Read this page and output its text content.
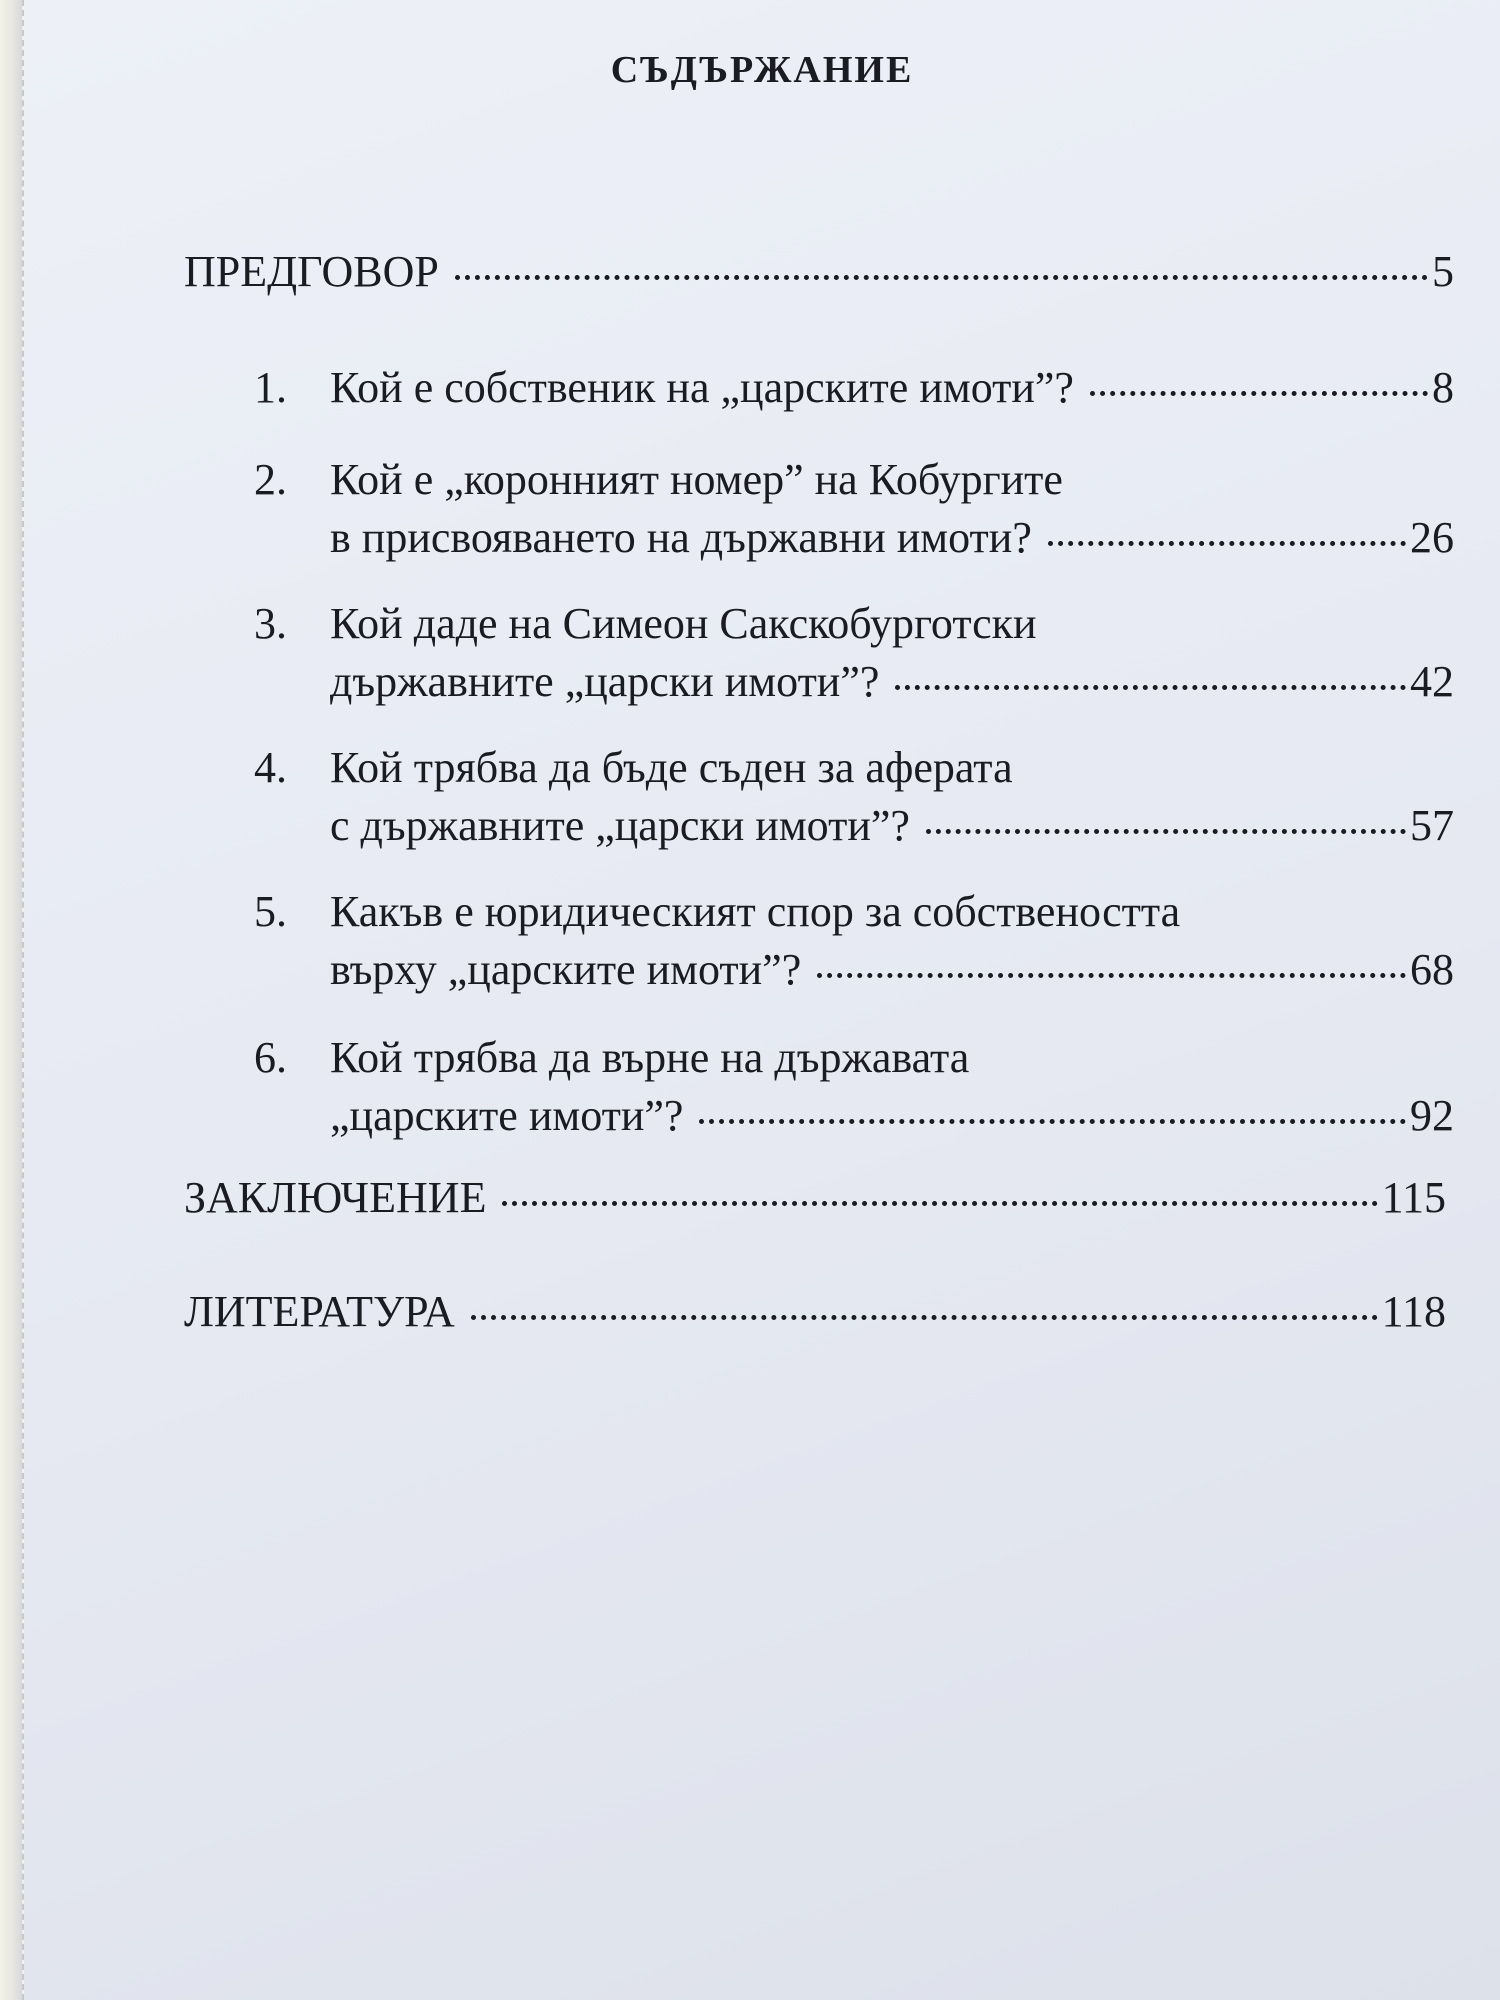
СЪДЪРЖАНИЕ
ПРЕДГОВОР	5
1. Кой е собственик на „царските имоти”?	8
2. Кой е „коронният номер” на Кобургите
в присвояването на държавни имоти?	26
3. Кой даде на Симеон Сакскобурготски
държавните „царски имоти”?	42
4. Кой трябва да бъде съден за аферата
с държавните „царски имоти”?	57
5. Какъв е юридическият спор за собствеността
върху „царските имоти”?	68
6. Кой трябва да върне на държавата
„царските имоти”?	92
ЗАКЛЮЧЕНИЕ	115
ЛИТЕРАТУРА	118
